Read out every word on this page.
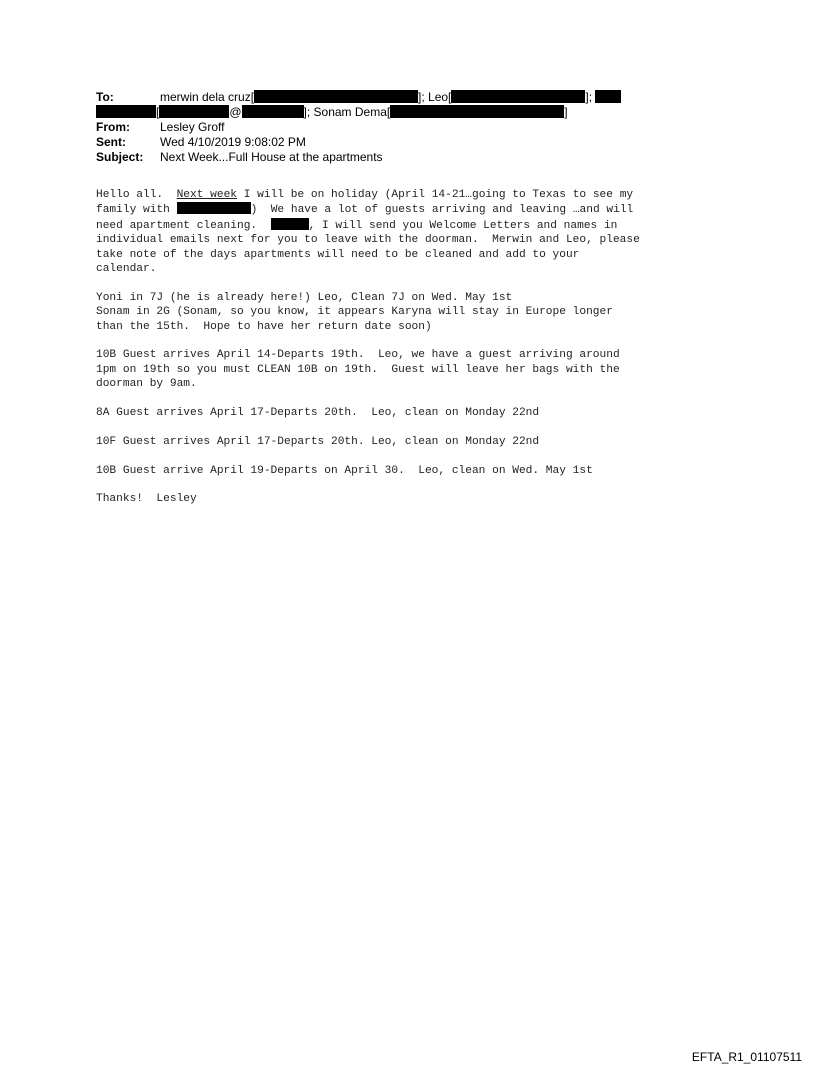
To:	merwin dela cruz[	]; Leo[	];
[	@	]; Sonam Dema[	]
From:	Lesley Groff
Sent:	Wed 4/10/2019 9:08:02 PM
Subject: Next Week...Full House at the apartments
Hello all.  Next week I will be on holiday (April 14-21…going to Texas to see my
family with	)  We have a lot of guests arriving and leaving …and will
need apartment cleaning.	, I will send you Welcome Letters and names in
individual emails next for you to leave with the doorman.  Merwin and Leo, please
take note of the days apartments will need to be cleaned and add to your
calendar.
Yoni in 7J (he is already here!) Leo, Clean 7J on Wed. May 1st
Sonam in 2G (Sonam, so you know, it appears Karyna will stay in Europe longer
than the 15th.  Hope to have her return date soon)
10B Guest arrives April 14-Departs 19th.  Leo, we have a guest arriving around
1pm on 19th so you must CLEAN 10B on 19th.  Guest will leave her bags with the
doorman by 9am.
8A Guest arrives April 17-Departs 20th.  Leo, clean on Monday 22nd
10F Guest arrives April 17-Departs 20th. Leo, clean on Monday 22nd
10B Guest arrive April 19-Departs on April 30.  Leo, clean on Wed. May 1st
Thanks!  Lesley
EFTA_R1_01107511
